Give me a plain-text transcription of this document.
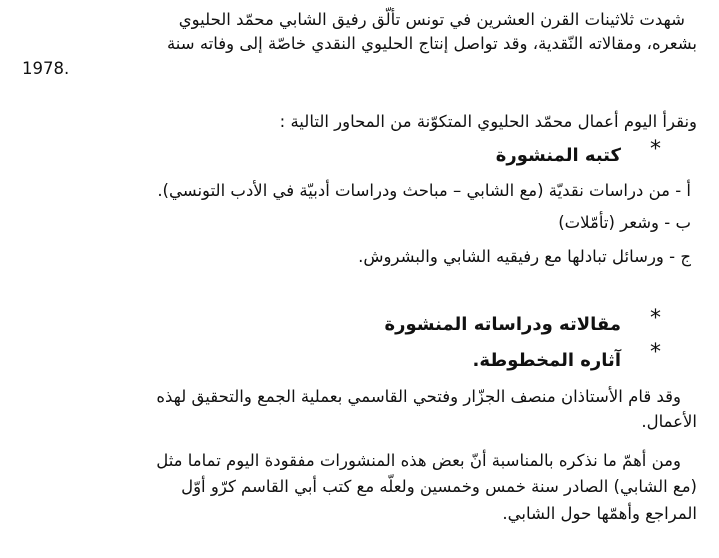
شهدت ثلاثينات القرن العشرين في تونس تألّق رفيق الشابي محمّد الحليوي
بشعره، ومقالاته النّقدية، وقد تواصل إنتاج الحليوي النقدي خاصّة إلى وفاته سنة
1978.
ونقرأ اليوم أعمال محمّد الحليوي المتكوّنة من المحاور التالية :
*
كتبه المنشورة
أ - من دراسات نقديّة (مع الشابي – مباحث ودراسات أدبيّة في الأدب التونسي).
ب - وشعر (تأمّلات)
ج - ورسائل تبادلها مع رفيقيه الشابي والبشروش.
*
مقالاته ودراساته المنشورة
*
آثاره المخطوطة.
وقد قام الأستاذان منصف الجزّار وفتحي القاسمي بعملية الجمع والتحقيق لهذه
الأعمال.
ومن أهمّ ما نذكره بالمناسبة أنّ بعض هذه المنشورات مفقودة اليوم تماما مثل
(مع الشابي) الصادر سنة خمس وخمسين ولعلّه مع كتب أبي القاسم كرّو أوّل
المراجع وأهمّها حول الشابي.
